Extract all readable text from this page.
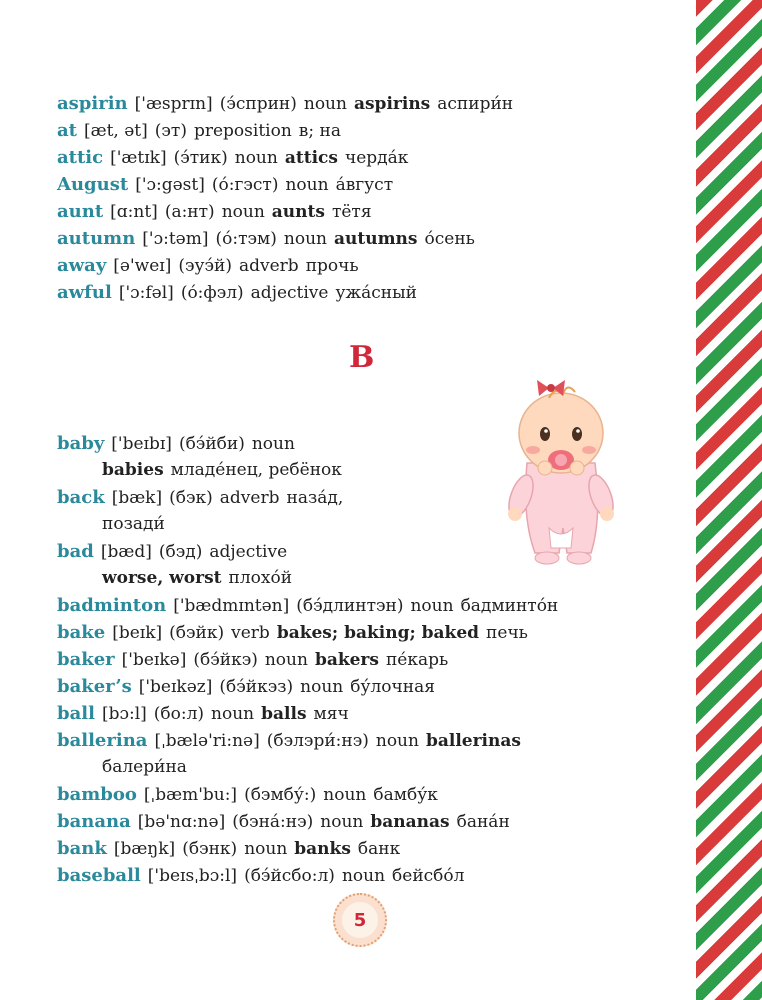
aspirin ['æsprɪn] (э́сприн) noun aspirins аспири́н
at [æt, ət] (эт) preposition в; на
attic ['ætɪk] (э́тик) noun attics черда́к
August ['ɔ:gəst] (о́:гэст) noun а́вгуст
aunt [ɑ:nt] (а:нт) noun aunts тётя
autumn ['ɔ:təm] (о́:тэм) noun autumns о́сень
away [ə'weɪ] (эуэ́й) adverb прочь
awful ['ɔ:fəl] (о́:фэл) adjective ужа́сный
B
baby ['beɪbɪ] (бэ́йби) noun
babies младе́нец, ребёнок
back [bæk] (бэк) adverb наза́д,
позади́
bad [bæd] (бэд) adjective
worse, worst плохо́й
badminton ['bædmɪntən] (бэ́длинтэн) noun бадминто́н
bake [beɪk] (бэйк) verb bakes; baking; baked печь
baker ['beɪkə] (бэ́йкэ) noun bakers пе́карь
baker’s ['beɪkəz] (бэ́йкэз) noun бу́лочная
ball [bɔ:l] (бо:л) noun balls мяч
ballerina [ˌbælə'ri:nə] (бэлэри́:нэ) noun ballerinas
балери́на
bamboo [ˌbæm'bu:] (бэмбу́:) noun бамбу́к
banana [bə'nɑ:nə] (бэна́:нэ) noun bananas бана́н
bank [bæŋk] (бэнк) noun banks банк
baseball ['beɪsˌbɔ:l] (бэ́йсбо:л) noun бейсбо́л
5
